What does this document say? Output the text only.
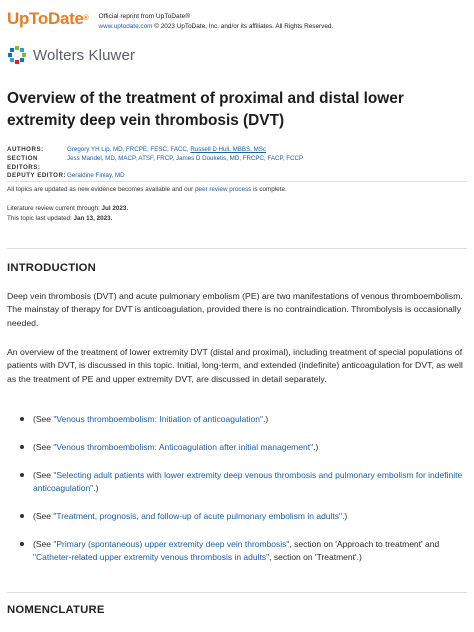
UpToDate® Official reprint from UpToDate®
www.uptodate.com © 2023 UpToDate, Inc. and/or its affiliates. All Rights Reserved.
Wolters Kluwer
Overview of the treatment of proximal and distal lower extremity deep vein thrombosis (DVT)
AUTHORS:	Gregory YH Lip, MD, FRCPE, FESC, FACC, Russell D Hull, MBBS, MSc
SECTION EDITORS:
Jess Mandel, MD, MACP, ATSF, FRCP, James D Douketis, MD, FRCPC, FACP, FCCP
DEPUTY EDITOR: Geraldine Finlay, MD
All topics are updated as new evidence becomes available and our peer review process is complete.
Literature review current through: Jul 2023.
This topic last updated: Jan 13, 2023.
INTRODUCTION
Deep vein thrombosis (DVT) and acute pulmonary embolism (PE) are two manifestations of venous thromboembolism. The mainstay of therapy for DVT is anticoagulation, provided there is no contraindication. Thrombolysis is occasionally needed.
An overview of the treatment of lower extremity DVT (distal and proximal), including treatment of special populations of patients with DVT, is discussed in this topic. Initial, long-term, and extended (indefinite) anticoagulation for DVT, as well as the treatment of PE and upper extremity DVT, are discussed in detail separately.
(See "Venous thromboembolism: Initiation of anticoagulation".)
(See "Venous thromboembolism: Anticoagulation after initial management".)
(See "Selecting adult patients with lower extremity deep venous thrombosis and pulmonary embolism for indefinite anticoagulation".)
(See "Treatment, prognosis, and follow-up of acute pulmonary embolism in adults".)
(See "Primary (spontaneous) upper extremity deep vein thrombosis", section on 'Approach to treatment' and "Catheter-related upper extremity venous thrombosis in adults", section on 'Treatment'.)
NOMENCLATURE
